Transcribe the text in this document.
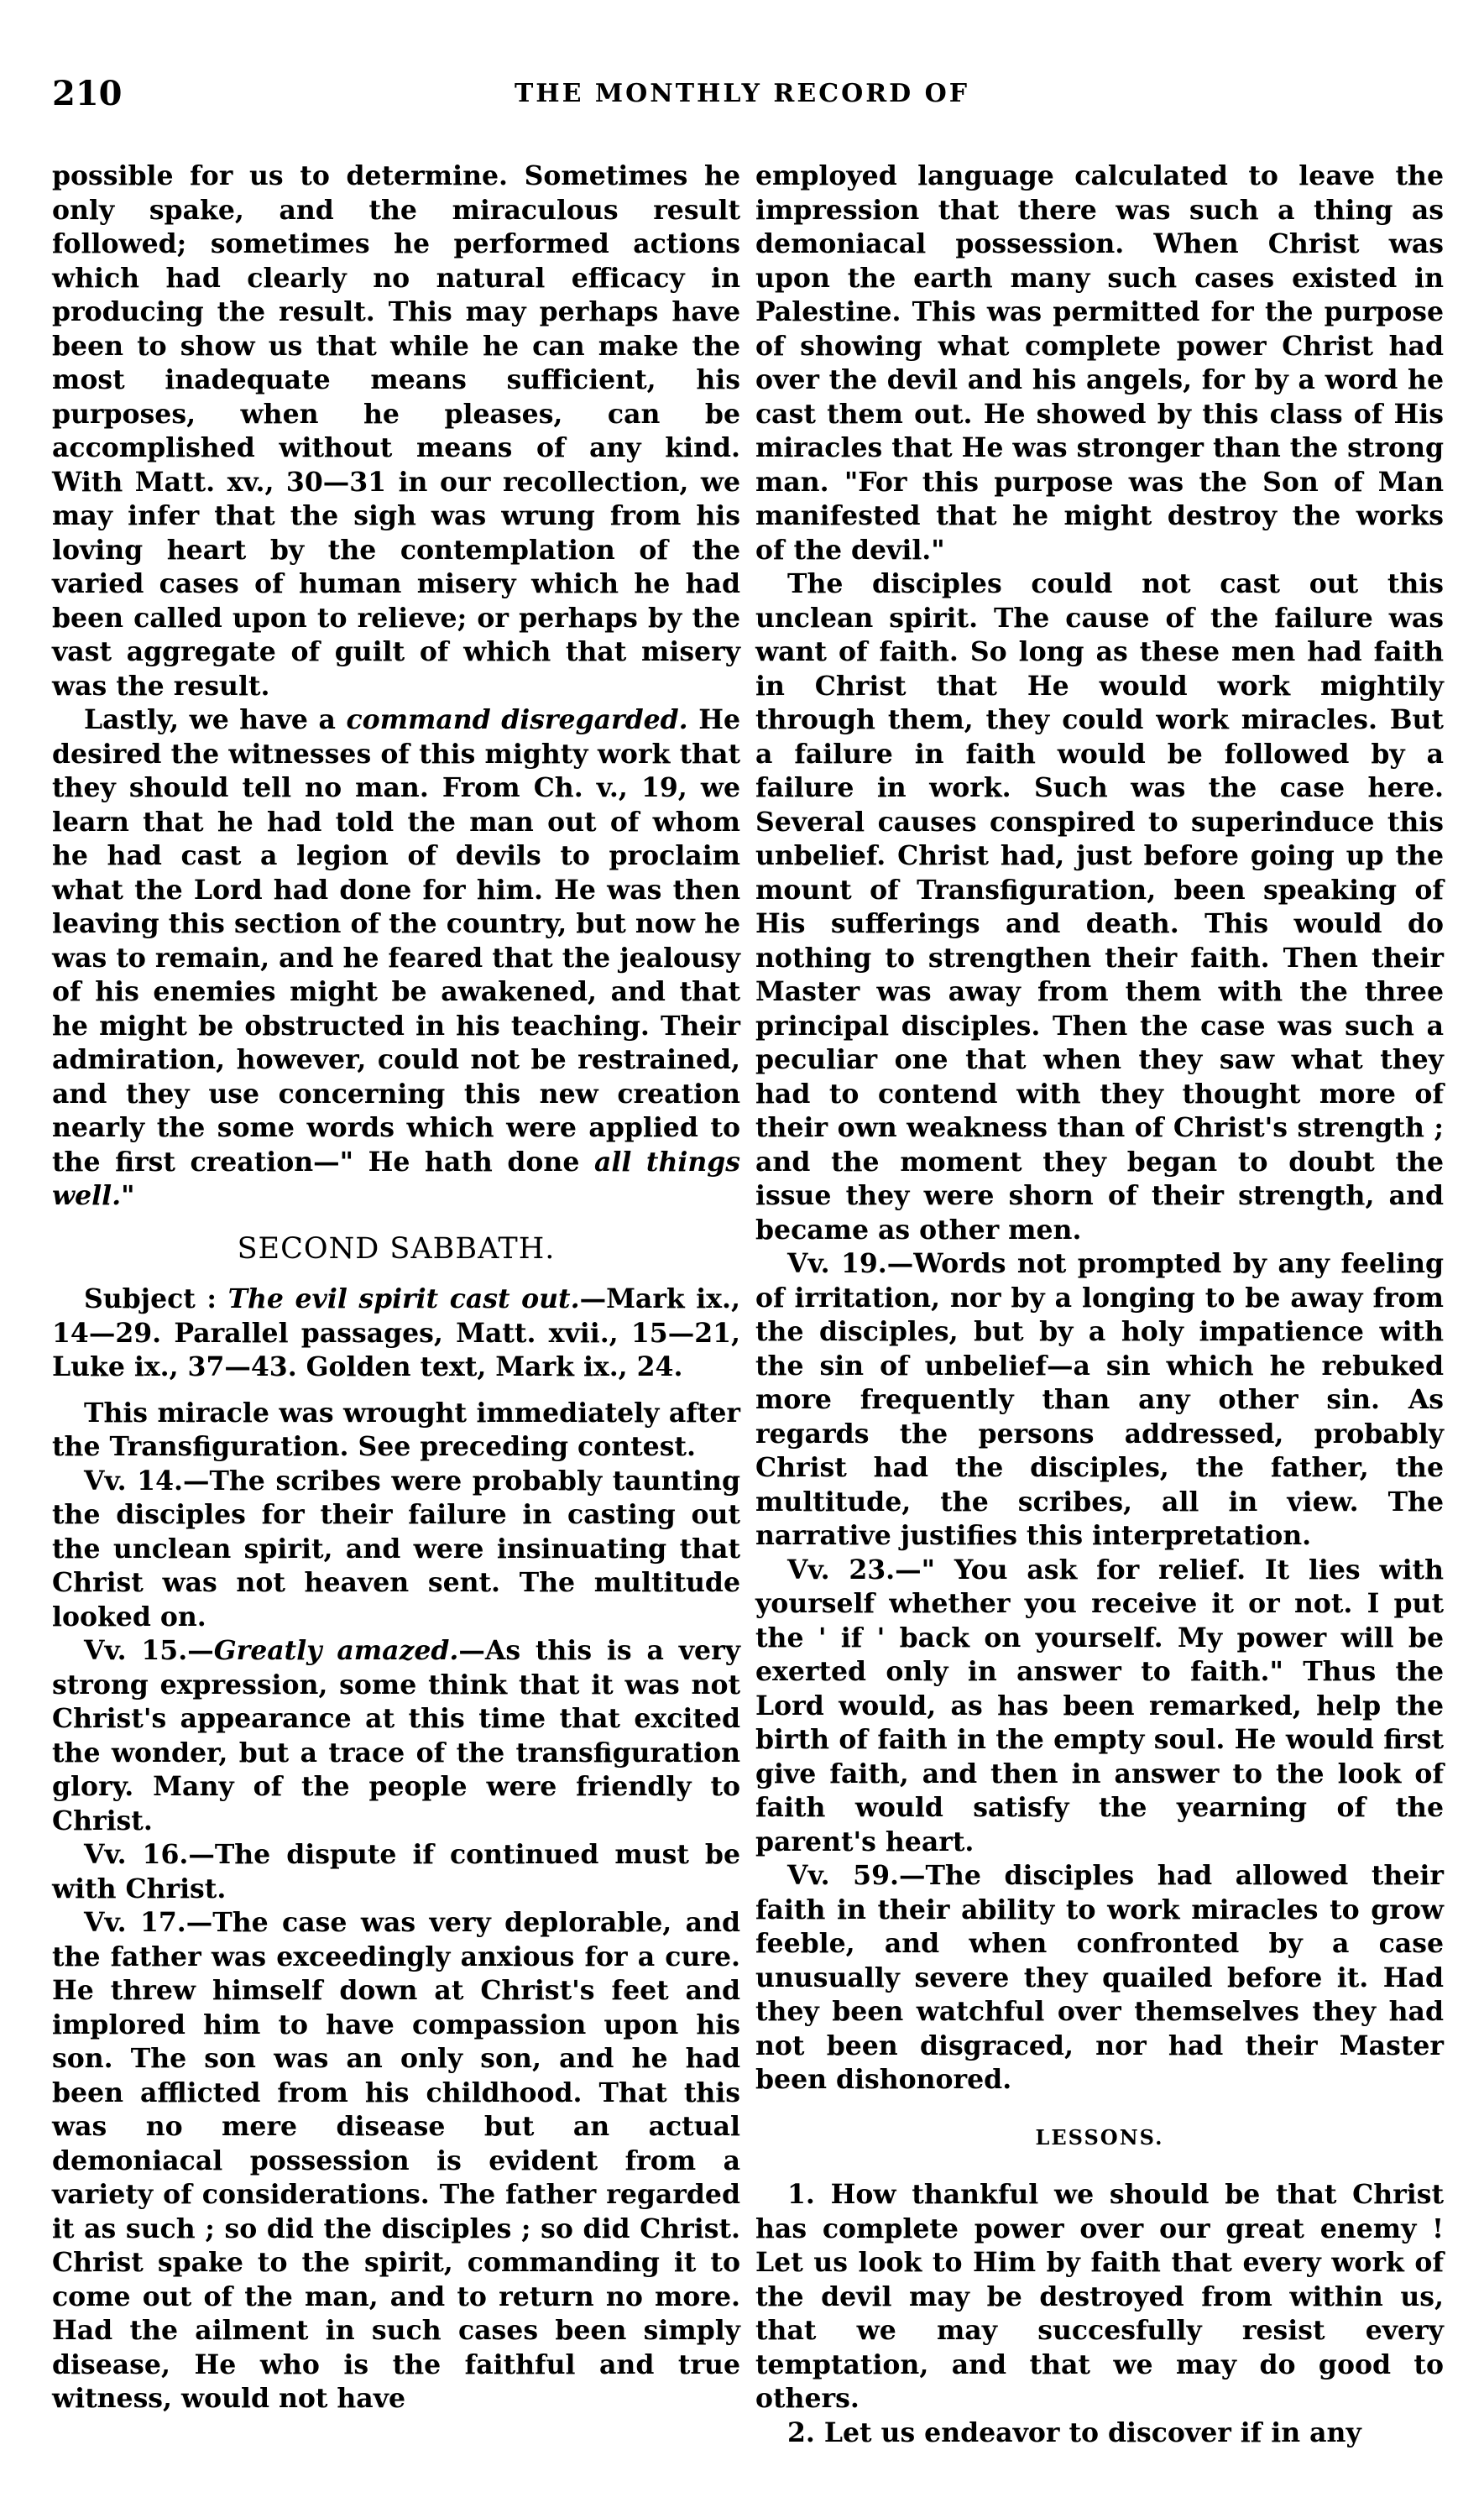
210	THE MONTHLY RECORD OF

possible for us to determine. Sometimes he only spake, and the miraculous result followed; sometimes he performed actions which had clearly no natural efficacy in producing the result. This may perhaps have been to show us that while he can make the most inadequate means sufficient, his purposes, when he pleases, can be accomplished without means of any kind. With Matt. xv., 30—31 in our recollection, we may infer that the sigh was wrung from his loving heart by the contemplation of the varied cases of human misery which he had been called upon to relieve; or perhaps by the vast aggregate of guilt of which that misery was the result.

Lastly, we have a command disregarded. He desired the witnesses of this mighty work that they should tell no man. From Ch. v., 19, we learn that he had told the man out of whom he had cast a legion of devils to proclaim what the Lord had done for him. He was then leaving this section of the country, but now he was to remain, and he feared that the jealousy of his enemies might be awakened, and that he might be obstructed in his teaching. Their admiration, however, could not be restrained, and they use concerning this new creation nearly the some words which were applied to the first creation—" He hath done all things well."

SECOND SABBATH.

Subject : The evil spirit cast out.—Mark ix., 14—29. Parallel passages, Matt. xvii., 15—21, Luke ix., 37—43. Golden text, Mark ix., 24.

This miracle was wrought immediately after the Transfiguration. See preceding contest.

Vv. 14.—The scribes were probably taunting the disciples for their failure in casting out the unclean spirit, and were insinuating that Christ was not heaven sent. The multitude looked on.

Vv. 15.—Greatly amazed.—As this is a very strong expression, some think that it was not Christ's appearance at this time that excited the wonder, but a trace of the transfiguration glory. Many of the people were friendly to Christ.

Vv. 16.—The dispute if continued must be with Christ.

Vv. 17.—The case was very deplorable, and the father was exceedingly anxious for a cure. He threw himself down at Christ's feet and implored him to have compassion upon his son. The son was an only son, and he had been afflicted from his childhood. That this was no mere disease but an actual demoniacal possession is evident from a variety of considerations. The father regarded it as such ; so did the disciples ; so did Christ. Christ spake to the spirit, commanding it to come out of the man, and to return no more. Had the ailment in such cases been simply disease, He who is the faithful and true witness, would not have

employed language calculated to leave the impression that there was such a thing as demoniacal possession. When Christ was upon the earth many such cases existed in Palestine. This was permitted for the purpose of showing what complete power Christ had over the devil and his angels, for by a word he cast them out. He showed by this class of His miracles that He was stronger than the strong man. "For this purpose was the Son of Man manifested that he might destroy the works of the devil."

The disciples could not cast out this unclean spirit. The cause of the failure was want of faith. So long as these men had faith in Christ that He would work mightily through them, they could work miracles. But a failure in faith would be followed by a failure in work. Such was the case here. Several causes conspired to superinduce this unbelief. Christ had, just before going up the mount of Transfiguration, been speaking of His sufferings and death. This would do nothing to strengthen their faith. Then their Master was away from them with the three principal disciples. Then the case was such a peculiar one that when they saw what they had to contend with they thought more of their own weakness than of Christ's strength ; and the moment they began to doubt the issue they were shorn of their strength, and became as other men.

Vv. 19.—Words not prompted by any feeling of irritation, nor by a longing to be away from the disciples, but by a holy impatience with the sin of unbelief—a sin which he rebuked more frequently than any other sin. As regards the persons addressed, probably Christ had the disciples, the father, the multitude, the scribes, all in view. The narrative justifies this interpretation.

Vv. 23.—" You ask for relief. It lies with yourself whether you receive it or not. I put the ' if ' back on yourself. My power will be exerted only in answer to faith." Thus the Lord would, as has been remarked, help the birth of faith in the empty soul. He would first give faith, and then in answer to the look of faith would satisfy the yearning of the parent's heart.

Vv. 59.—The disciples had allowed their faith in their ability to work miracles to grow feeble, and when confronted by a case unusually severe they quailed before it. Had they been watchful over themselves they had not been disgraced, nor had their Master been dishonored.

LESSONS.

1. How thankful we should be that Christ has complete power over our great enemy ! Let us look to Him by faith that every work of the devil may be destroyed from within us, that we may succesfully resist every temptation, and that we may do good to others.

2. Let us endeavor to discover if in any
